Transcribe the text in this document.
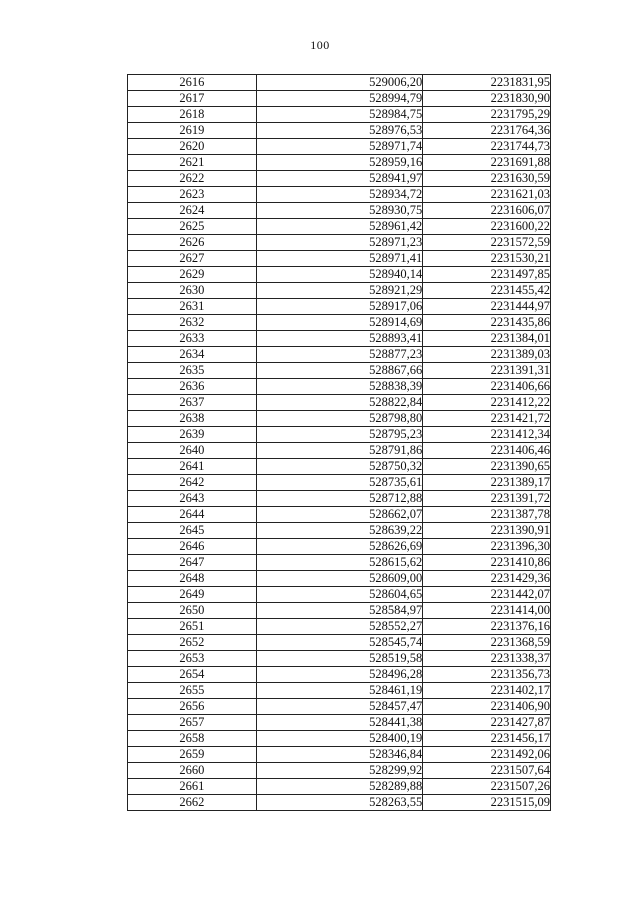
100
2616	529006,20	2231831,95
2617	528994,79	2231830,90
2618	528984,75	2231795,29
2619	528976,53	2231764,36
2620	528971,74	2231744,73
2621	528959,16	2231691,88
2622	528941,97	2231630,59
2623	528934,72	2231621,03
2624	528930,75	2231606,07
2625	528961,42	2231600,22
2626	528971,23	2231572,59
2627	528971,41	2231530,21
2629	528940,14	2231497,85
2630	528921,29	2231455,42
2631	528917,06	2231444,97
2632	528914,69	2231435,86
2633	528893,41	2231384,01
2634	528877,23	2231389,03
2635	528867,66	2231391,31
2636	528838,39	2231406,66
2637	528822,84	2231412,22
2638	528798,80	2231421,72
2639	528795,23	2231412,34
2640	528791,86	2231406,46
2641	528750,32	2231390,65
2642	528735,61	2231389,17
2643	528712,88	2231391,72
2644	528662,07	2231387,78
2645	528639,22	2231390,91
2646	528626,69	2231396,30
2647	528615,62	2231410,86
2648	528609,00	2231429,36
2649	528604,65	2231442,07
2650	528584,97	2231414,00
2651	528552,27	2231376,16
2652	528545,74	2231368,59
2653	528519,58	2231338,37
2654	528496,28	2231356,73
2655	528461,19	2231402,17
2656	528457,47	2231406,90
2657	528441,38	2231427,87
2658	528400,19	2231456,17
2659	528346,84	2231492,06
2660	528299,92	2231507,64
2661	528289,88	2231507,26
2662	528263,55	2231515,09
